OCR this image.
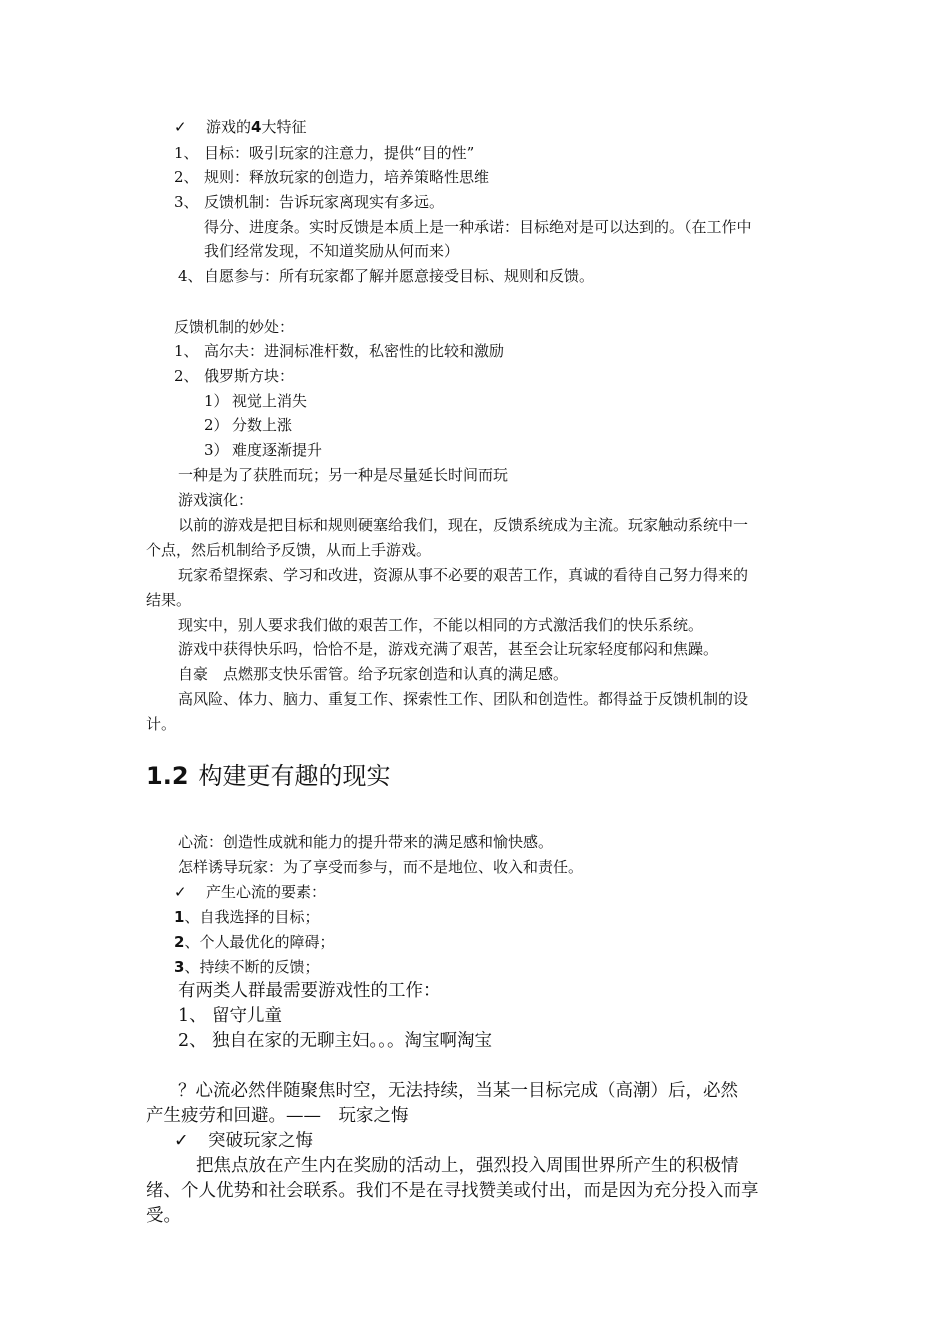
✓ 游戏的4大特征
1、 目标：吸引玩家的注意力，提供“目的性”
2、 规则：释放玩家的创造力，培养策略性思维
3、 反馈机制：告诉玩家离现实有多远。
得分、进度条。实时反馈是本质上是一种承诺：目标绝对是可以达到的。（在工作中
我们经常发现，不知道奖励从何而来）
4、自愿参与：所有玩家都了解并愿意接受目标、规则和反馈。
反馈机制的妙处：
1、 高尔夫：进洞标准杆数，私密性的比较和激励
2、 俄罗斯方块：
1） 视觉上消失
2） 分数上涨
3） 难度逐渐提升
一种是为了获胜而玩；另一种是尽量延长时间而玩
游戏演化：
以前的游戏是把目标和规则硬塞给我们，现在，反馈系统成为主流。玩家触动系统中一
个点，然后机制给予反馈，从而上手游戏。
玩家希望探索、学习和改进，资源从事不必要的艰苦工作，真诚的看待自己努力得来的
结果。
现实中，别人要求我们做的艰苦工作，不能以相同的方式激活我们的快乐系统。
游戏中获得快乐吗，恰恰不是，游戏充满了艰苦，甚至会让玩家轻度郁闷和焦躁。
自豪　点燃那支快乐雷管。给予玩家创造和认真的满足感。
高风险、体力、脑力、重复工作、探索性工作、团队和创造性。都得益于反馈机制的设
计。
1.2 构建更有趣的现实
心流：创造性成就和能力的提升带来的满足感和愉快感。
怎样诱导玩家：为了享受而参与，而不是地位、收入和责任。
✓ 产生心流的要素：
1、自我选择的目标；
2、个人最优化的障碍；
3、持续不断的反馈；
有两类人群最需要游戏性的工作：
1、 留守儿童
2、 独自在家的无聊主妇。。。淘宝啊淘宝
？心流必然伴随聚焦时空，无法持续，当某一目标完成（高潮）后，必然
产生疲劳和回避。——　玩家之悔
✓ 突破玩家之悔
把焦点放在产生内在奖励的活动上，强烈投入周围世界所产生的积极情
绪、个人优势和社会联系。我们不是在寻找赞美或付出，而是因为充分投入而享
受。
